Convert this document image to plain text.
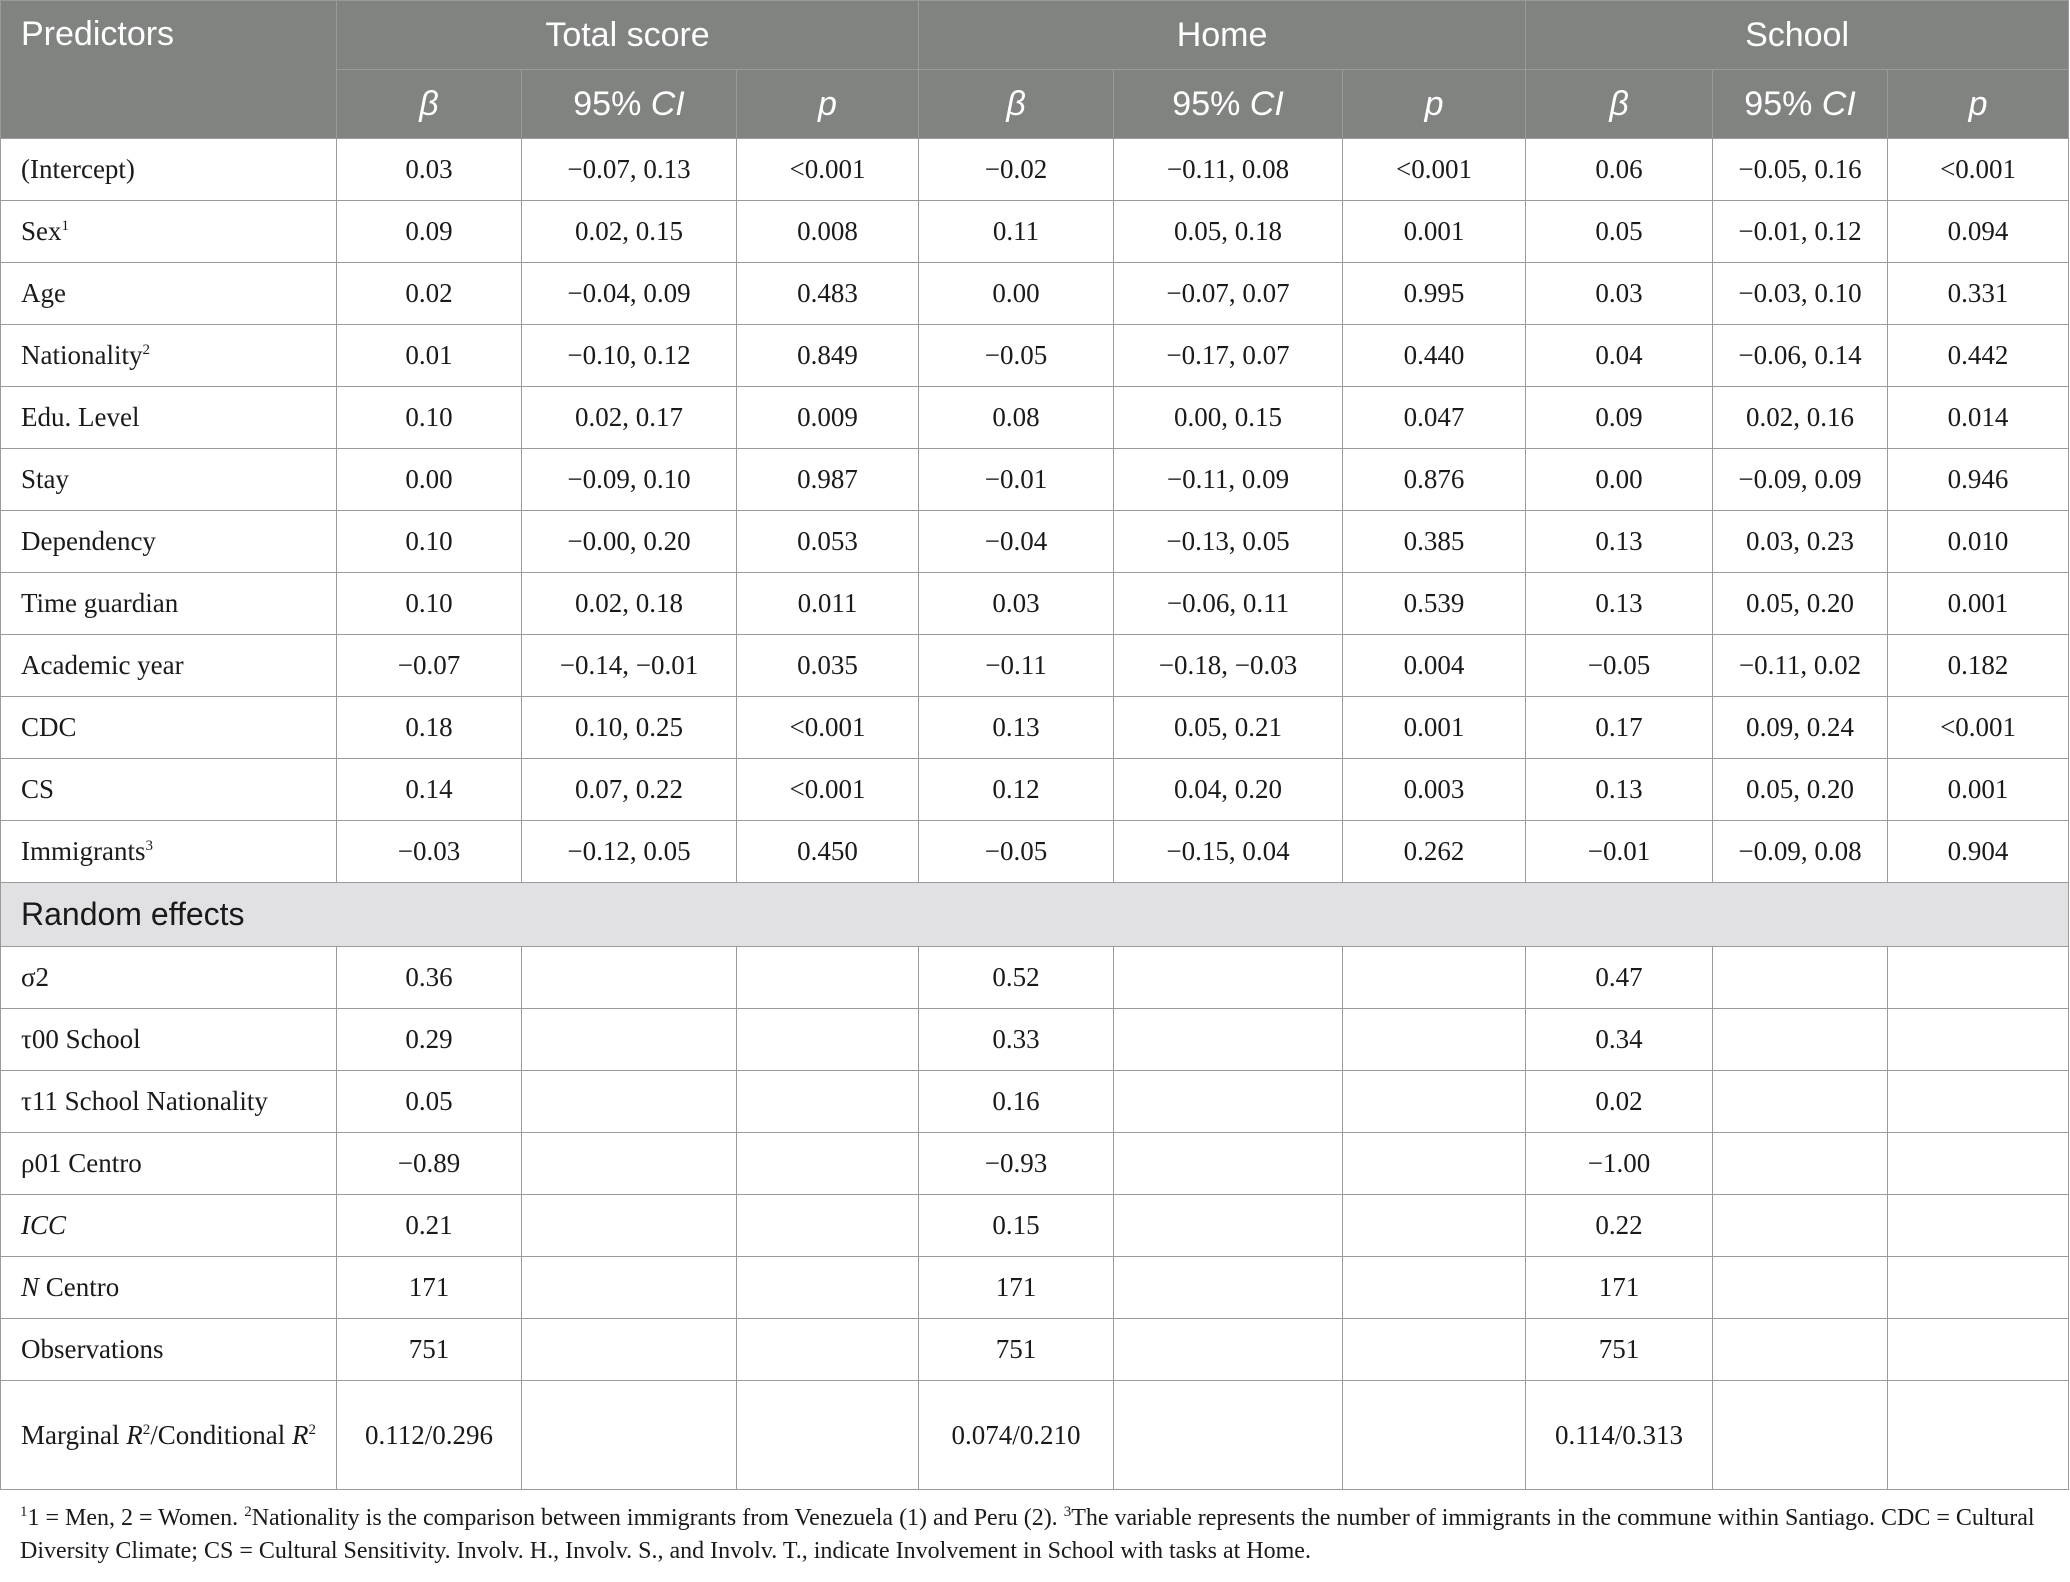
Predictors	Total score			Home			School		
	β	95% CI	p	β	95% CI	p	β	95% CI	p
(Intercept)	0.03	−0.07, 0.13	<0.001	−0.02	−0.11, 0.08	<0.001	0.06	−0.05, 0.16	<0.001
Sex$^1$	0.09	0.02, 0.15	0.008	0.11	0.05, 0.18	0.001	0.05	−0.01, 0.12	0.094
Age	0.02	−0.04, 0.09	0.483	0.00	−0.07, 0.07	0.995	0.03	−0.03, 0.10	0.331
Nationality$^2$	0.01	−0.10, 0.12	0.849	−0.05	−0.17, 0.07	0.440	0.04	−0.06, 0.14	0.442
Edu. Level	0.10	0.02, 0.17	0.009	0.08	0.00, 0.15	0.047	0.09	0.02, 0.16	0.014
Stay	0.00	−0.09, 0.10	0.987	−0.01	−0.11, 0.09	0.876	0.00	−0.09, 0.09	0.946
Dependency	0.10	−0.00, 0.20	0.053	−0.04	−0.13, 0.05	0.385	0.13	0.03, 0.23	0.010
Time guardian	0.10	0.02, 0.18	0.011	0.03	−0.06, 0.11	0.539	0.13	0.05, 0.20	0.001
Academic year	−0.07	−0.14, −0.01	0.035	−0.11	−0.18, −0.03	0.004	−0.05	−0.11, 0.02	0.182
CDC	0.18	0.10, 0.25	<0.001	0.13	0.05, 0.21	0.001	0.17	0.09, 0.24	<0.001
CS	0.14	0.07, 0.22	<0.001	0.12	0.04, 0.20	0.003	0.13	0.05, 0.20	0.001
Immigrants$^3$	−0.03	−0.12, 0.05	0.450	−0.05	−0.15, 0.04	0.262	−0.01	−0.09, 0.08	0.904
Random effects									
σ2	0.36			0.52			0.47		
τ00 School	0.29			0.33			0.34		
τ11 School Nationality	0.05			0.16			0.02		
ρ01 Centro	−0.89			−0.93			−1.00		
ICC	0.21			0.15			0.22		
N Centro	171			171			171		
Observations	751			751			751		
Marginal $R^2$/Conditional $R^2$	0.112/0.296			0.074/0.210			0.114/0.313		
$^1$1 = Men, 2 = Women. $^2$Nationality is the comparison between immigrants from Venezuela (1) and Peru (2). $^3$The variable represents the number of immigrants in the commune within Santiago. CDC = Cultural Diversity Climate; CS = Cultural Sensitivity. Involv. H., Involv. S., and Involv. T., indicate Involvement in School with tasks at Home.
